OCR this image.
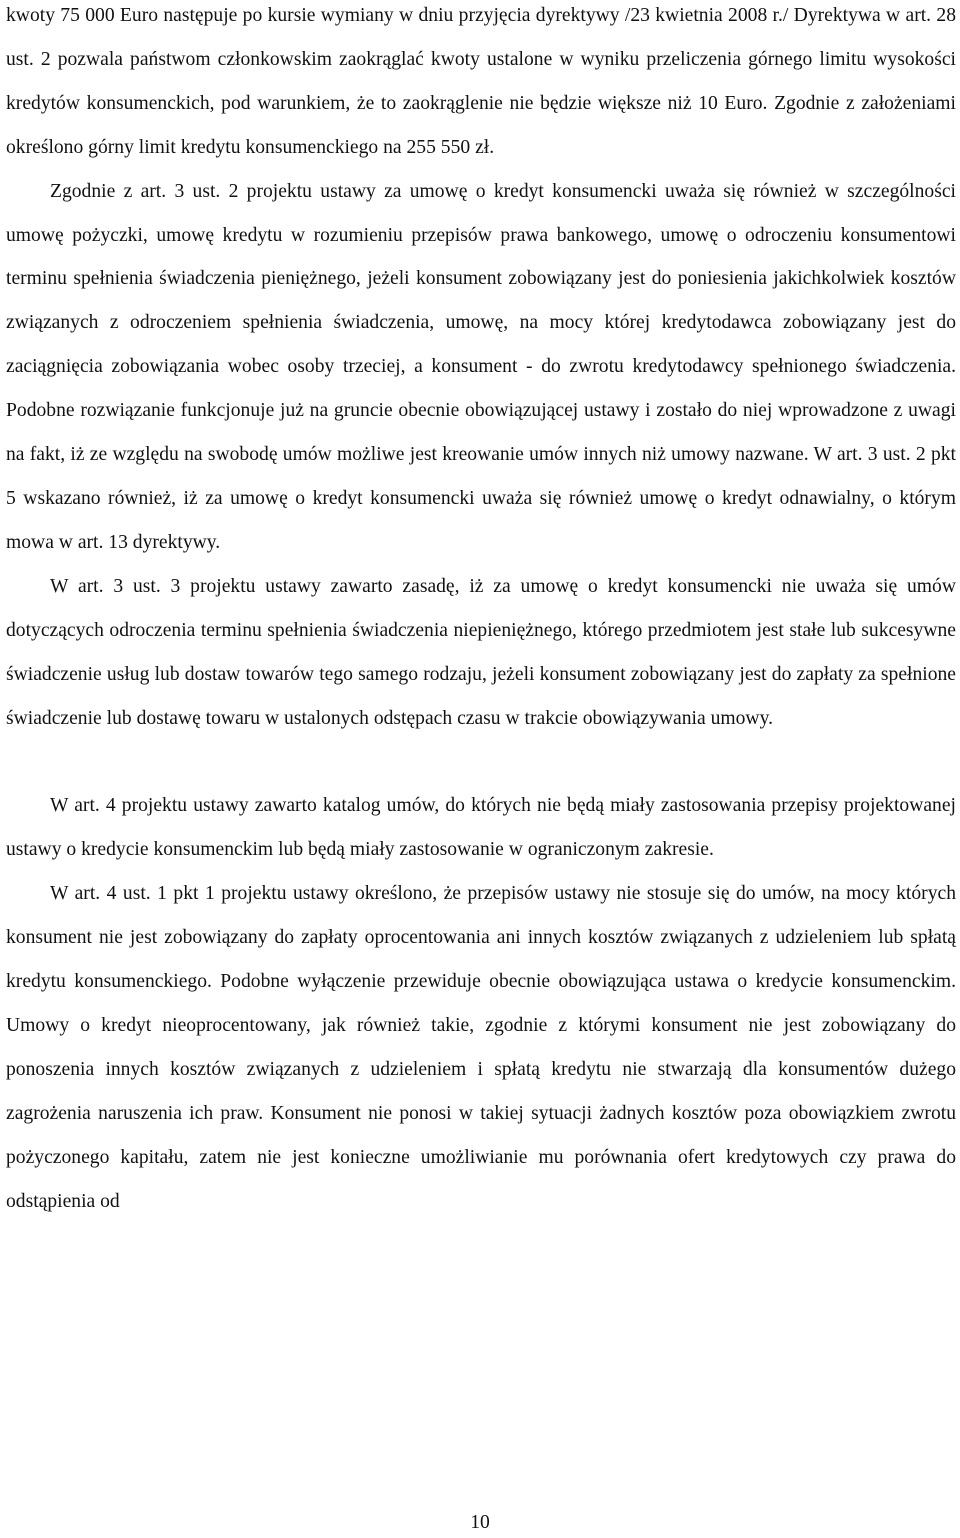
kwoty 75 000 Euro następuje po kursie wymiany w dniu przyjęcia dyrektywy /23 kwietnia 2008 r./ Dyrektywa w art. 28 ust. 2 pozwala państwom członkowskim zaokrąglać kwoty ustalone w wyniku przeliczenia górnego limitu wysokości kredytów konsumenckich, pod warunkiem, że to zaokrąglenie nie będzie większe niż 10 Euro. Zgodnie z założeniami określono górny limit kredytu konsumenckiego na 255 550 zł.

Zgodnie z art. 3 ust. 2 projektu ustawy za umowę o kredyt konsumencki uważa się również w szczególności umowę pożyczki, umowę kredytu w rozumieniu przepisów prawa bankowego, umowę o odroczeniu konsumentowi terminu spełnienia świadczenia pieniężnego, jeżeli konsument zobowiązany jest do poniesienia jakichkolwiek kosztów związanych z odroczeniem spełnienia świadczenia, umowę, na mocy której kredytodawca zobowiązany jest do zaciągnięcia zobowiązania wobec osoby trzeciej, a konsument - do zwrotu kredytodawcy spełnionego świadczenia. Podobne rozwiązanie funkcjonuje już na gruncie obecnie obowiązującej ustawy i zostało do niej wprowadzone z uwagi na fakt, iż ze względu na swobodę umów możliwe jest kreowanie umów innych niż umowy nazwane. W art. 3 ust. 2 pkt 5 wskazano również, iż za umowę o kredyt konsumencki uważa się również umowę o kredyt odnawialny, o którym mowa w art. 13 dyrektywy.

W art. 3 ust. 3 projektu ustawy zawarto zasadę, iż za umowę o kredyt konsumencki nie uważa się umów dotyczących odroczenia terminu spełnienia świadczenia niepieniężnego, którego przedmiotem jest stałe lub sukcesywne świadczenie usług lub dostaw towarów tego samego rodzaju, jeżeli konsument zobowiązany jest do zapłaty za spełnione świadczenie lub dostawę towaru w ustalonych odstępach czasu w trakcie obowiązywania umowy.

W art. 4 projektu ustawy zawarto katalog umów, do których nie będą miały zastosowania przepisy projektowanej ustawy o kredycie konsumenckim lub będą miały zastosowanie w ograniczonym zakresie.

W art. 4 ust. 1 pkt 1 projektu ustawy określono, że przepisów ustawy nie stosuje się do umów, na mocy których konsument nie jest zobowiązany do zapłaty oprocentowania ani innych kosztów związanych z udzieleniem lub spłatą kredytu konsumenckiego. Podobne wyłączenie przewiduje obecnie obowiązująca ustawa o kredycie konsumenckim. Umowy o kredyt nieoprocentowany, jak również takie, zgodnie z którymi konsument nie jest zobowiązany do ponoszenia innych kosztów związanych z udzieleniem i spłatą kredytu nie stwarzają dla konsumentów dużego zagrożenia naruszenia ich praw. Konsument nie ponosi w takiej sytuacji żadnych kosztów poza obowiązkiem zwrotu pożyczonego kapitału, zatem nie jest konieczne umożliwianie mu porównania ofert kredytowych czy prawa do odstąpienia od

10
